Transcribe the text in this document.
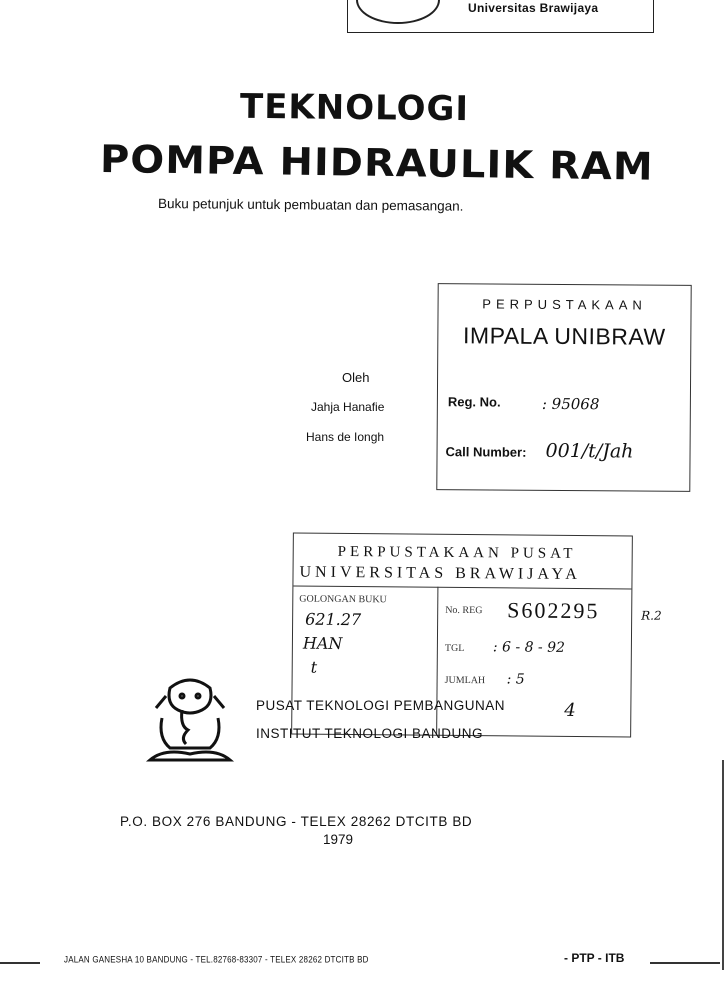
Universitas Brawijaya
TEKNOLOGI
POMPA HIDRAULIK RAM
Buku petunjuk untuk pembuatan dan pemasangan.
PERPUSTAKAAN
IMPALA UNIBRAW
Reg. No.	: 95068
Call Number: 001/t/Jah
Oleh
Jahja Hanafie
Hans de Iongh
PERPUSTAKAAN PUSAT
UNIVERSITAS BRAWIJAYA
GOLONGAN BUKU
621.27
HAN
t
No. REG S602295	R.2
TGL : 6 - 8 - 92
JUMLAH : 5
4
PUSAT TEKNOLOGI PEMBANGUNAN
INSTITUT TEKNOLOGI BANDUNG
P.O. BOX 276 BANDUNG - TELEX 28262 DTCITB BD
1979
JALAN GANESHA 10 BANDUNG - TEL.82768-83307 - TELEX 28262 DTCITB BD	- PTP - ITB
